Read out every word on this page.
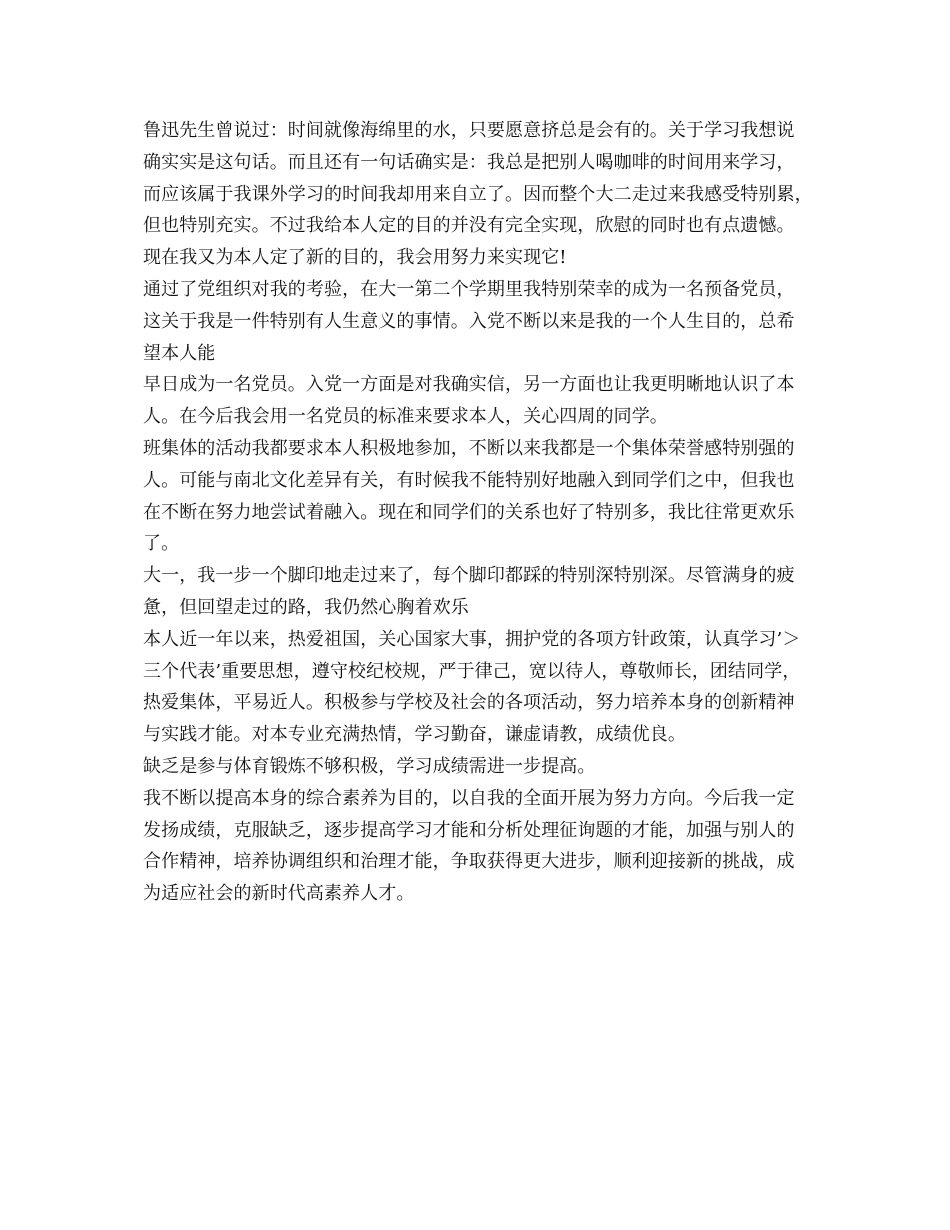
鲁迅先生曾说过：时间就像海绵里的水，只要愿意挤总是会有的。关于学习我想说
确实实是这句话。而且还有一句话确实是：我总是把别人喝咖啡的时间用来学习，
而应该属于我课外学习的时间我却用来自立了。因而整个大二走过来我感受特别累，
但也特别充实。不过我给本人定的目的并没有完全实现，欣慰的同时也有点遗憾。
现在我又为本人定了新的目的，我会用努力来实现它!
通过了党组织对我的考验，在大一第二个学期里我特别荣幸的成为一名预备党员，
这关于我是一件特别有人生意义的事情。入党不断以来是我的一个人生目的，总希
望本人能
早日成为一名党员。入党一方面是对我确实信，另一方面也让我更明晰地认识了本
人。在今后我会用一名党员的标准来要求本人，关心四周的同学。
班集体的活动我都要求本人积极地参加，不断以来我都是一个集体荣誉感特别强的
人。可能与南北文化差异有关，有时候我不能特别好地融入到同学们之中，但我也
在不断在努力地尝试着融入。现在和同学们的关系也好了特别多，我比往常更欢乐
了。
大一，我一步一个脚印地走过来了，每个脚印都踩的特别深特别深。尽管满身的疲
惫，但回望走过的路，我仍然心胸着欢乐
本人近一年以来，热爱祖国，关心国家大事，拥护党的各项方针政策，认真学习’＞
三个代表’重要思想，遵守校纪校规，严于律己，宽以待人，尊敬师长，团结同学，
热爱集体，平易近人。积极参与学校及社会的各项活动，努力培养本身的创新精神
与实践才能。对本专业充满热情，学习勤奋，谦虚请教，成绩优良。
缺乏是参与体育锻炼不够积极，学习成绩需进一步提高。
我不断以提高本身的综合素养为目的，以自我的全面开展为努力方向。今后我一定
发扬成绩，克服缺乏，逐步提高学习才能和分析处理征询题的才能，加强与别人的
合作精神，培养协调组织和治理才能，争取获得更大进步，顺利迎接新的挑战，成
为适应社会的新时代高素养人才。
